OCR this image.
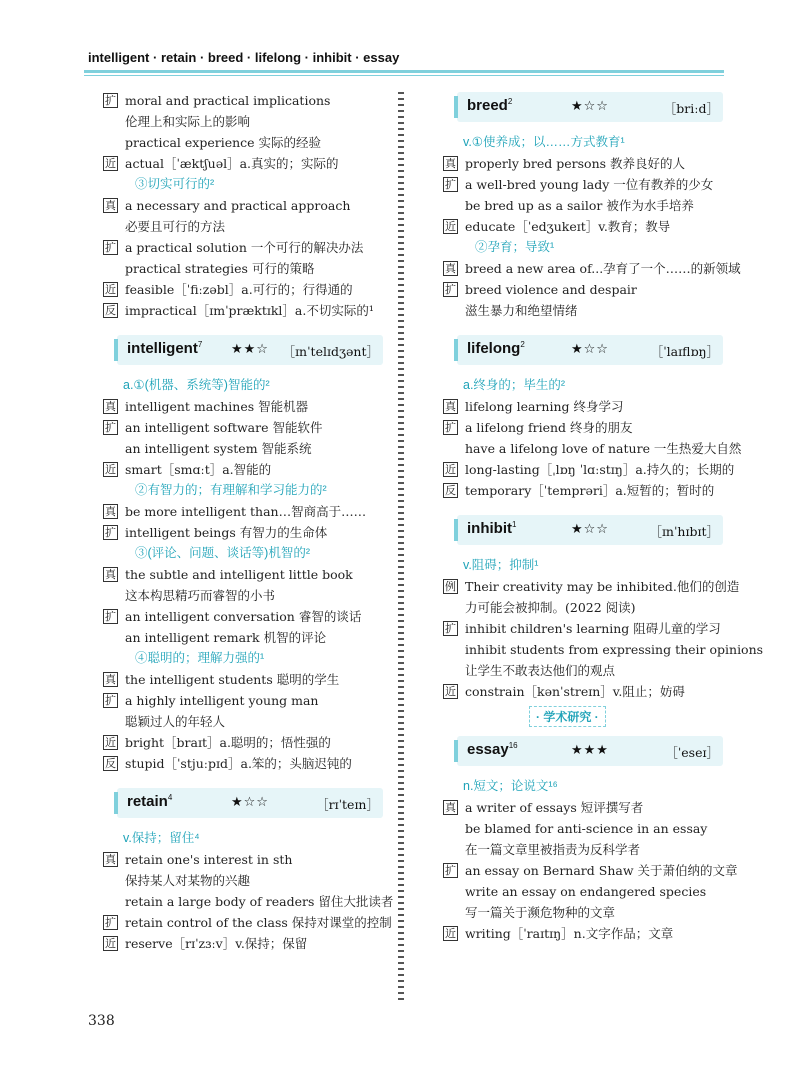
intelligent · retain · breed · lifelong · inhibit · essay
扩 moral and practical implications
伦理上和实际上的影响
practical experience 实际的经验
近 actual［ˈæktʃuəl］a.真实的；实际的
③切实可行的²
真 a necessary and practical approach
必要且可行的方法
扩 a practical solution 一个可行的解决办法
practical strategies 可行的策略
近 feasible［ˈfiːzəbl］a.可行的；行得通的
反 impractical［ɪmˈpræktɪkl］a.不切实际的¹
intelligent$^7$ ★★☆ ［ɪnˈtelɪdʒənt］
a.①(机器、系统等)智能的²
真 intelligent machines 智能机器
扩 an intelligent software 智能软件
an intelligent system 智能系统
近 smart［smɑːt］a.智能的
②有智力的；有理解和学习能力的²
真 be more intelligent than…智商高于……
扩 intelligent beings 有智力的生命体
③(评论、问题、谈话等)机智的²
真 the subtle and intelligent little book
这本构思精巧而睿智的小书
扩 an intelligent conversation 睿智的谈话
an intelligent remark 机智的评论
④聪明的；理解力强的¹
真 the intelligent students 聪明的学生
扩 a highly intelligent young man
聪颖过人的年轻人
近 bright［braɪt］a.聪明的；悟性强的
反 stupid［ˈstjuːpɪd］a.笨的；头脑迟钝的
retain$^4$	★☆☆	［rɪˈteɪn］
v.保持；留住⁴
真 retain one's interest in sth
保持某人对某物的兴趣
retain a large body of readers 留住大批读者
扩 retain control of the class 保持对课堂的控制
近 reserve［rɪˈzɜːv］v.保持；保留
breed$^2$	★☆☆	［briːd］
v.①使养成；以……方式教育¹
真 properly bred persons 教养良好的人
扩 a well-bred young lady 一位有教养的少女
be bred up as a sailor 被作为水手培养
近 educate［ˈedʒukeɪt］v.教育；教导
②孕育；导致¹
真 breed a new area of...孕育了一个……的新领域
扩 breed violence and despair
滋生暴力和绝望情绪
lifelong$^2$	★☆☆	［ˈlaɪflɒŋ］
a.终身的；毕生的²
真 lifelong learning 终身学习
扩 a lifelong friend 终身的朋友
have a lifelong love of nature 一生热爱大自然
近 long-lasting［ˌlɒŋ ˈlɑːstɪŋ］a.持久的；长期的
反 temporary［ˈtemprəri］a.短暂的；暂时的
inhibit$^1$	★☆☆	［ɪnˈhɪbɪt］
v.阻碍；抑制¹
例 Their creativity may be inhibited.他们的创造
力可能会被抑制。(2022 阅读)
扩 inhibit children's learning 阻碍儿童的学习
inhibit students from expressing their opinions
让学生不敢表达他们的观点
近 constrain［kənˈstreɪn］v.阻止；妨碍
· 学术研究 ·
essay$^{16}$	★★★	［ˈeseɪ］
n.短文；论说文¹⁶
真 a writer of essays 短评撰写者
be blamed for anti-science in an essay
在一篇文章里被指责为反科学者
扩 an essay on Bernard Shaw 关于萧伯纳的文章
write an essay on endangered species
写一篇关于濒危物种的文章
近 writing［ˈraɪtɪŋ］n.文字作品；文章
338
